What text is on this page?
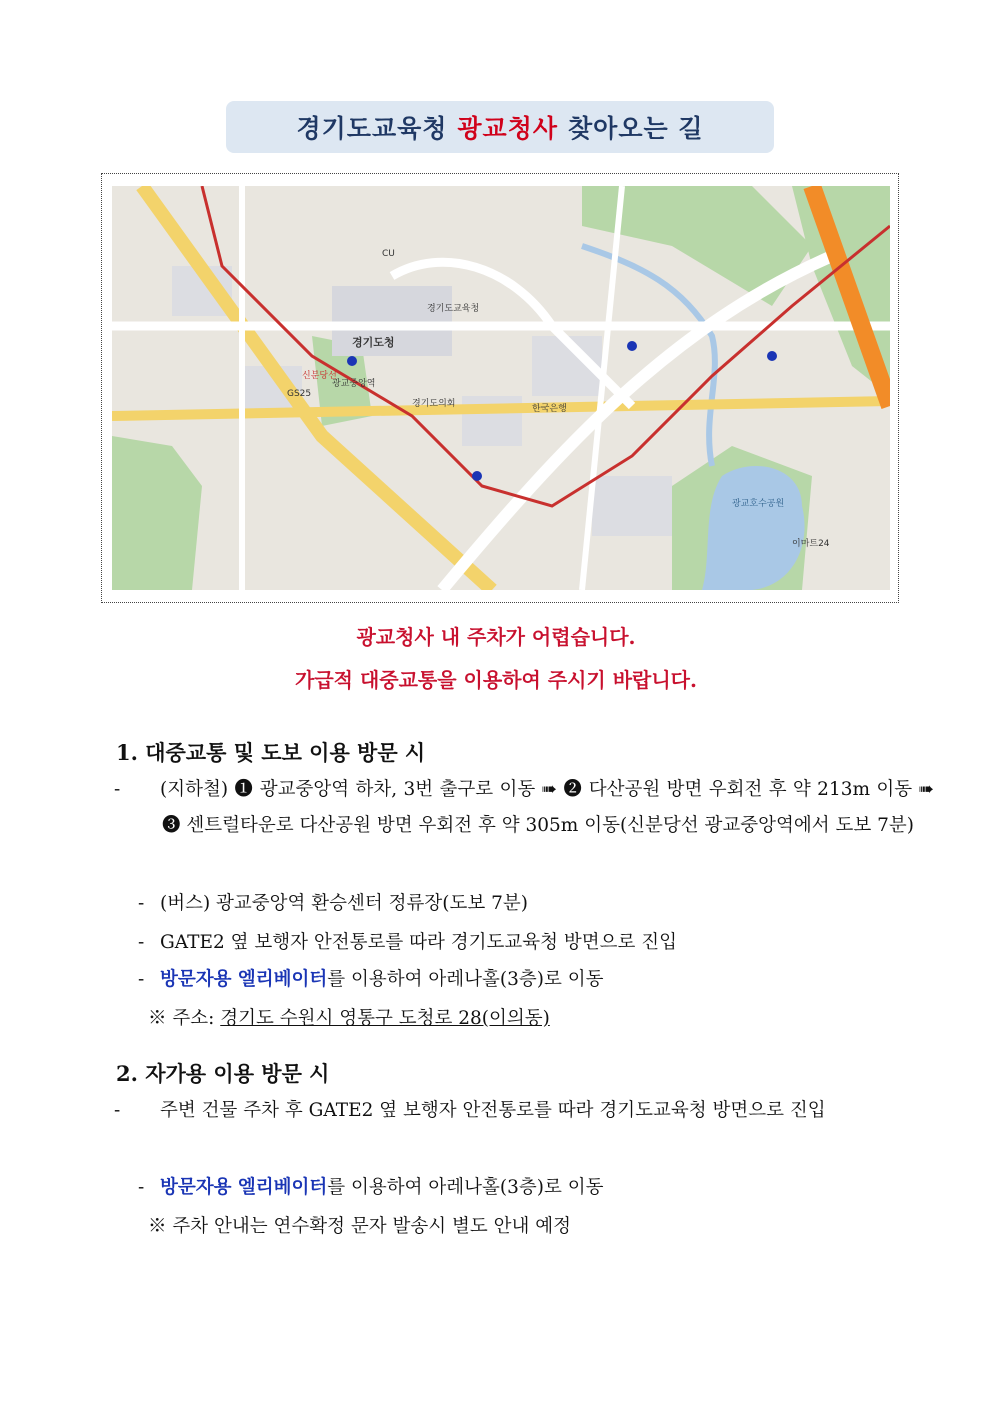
경기도교육청 광교청사 찾아오는 길
경기도청
경기도교육청
경기도의회
GS25
광교중앙역
신분당선
한국은행
광교호수공원
CU
이마트24
광교청사 내 주차가 어렵습니다.
가급적 대중교통을 이용하여 주시기 바랍니다.
1. 대중교통 및 도보 이용 방문 시
- (지하철) ❶ 광교중앙역 하차, 3번 출구로 이동 ➠ ❷ 다산공원 방면 우회전 후 약 213m 이동 ➠ ❸ 센트럴타운로 다산공원 방면 우회전 후 약 305m 이동(신분당선 광교중앙역에서 도보 7분)
- (버스) 광교중앙역 환승센터 정류장(도보 7분)
- GATE2 옆 보행자 안전통로를 따라 경기도교육청 방면으로 진입
- 방문자용 엘리베이터를 이용하여 아레나홀(3층)로 이동
※ 주소: 경기도 수원시 영통구 도청로 28(이의동)
2. 자가용 이용 방문 시
- 주변 건물 주차 후 GATE2 옆 보행자 안전통로를 따라 경기도교육청 방면으로 진입
- 방문자용 엘리베이터를 이용하여 아레나홀(3층)로 이동
※ 주차 안내는 연수확정 문자 발송시 별도 안내 예정
